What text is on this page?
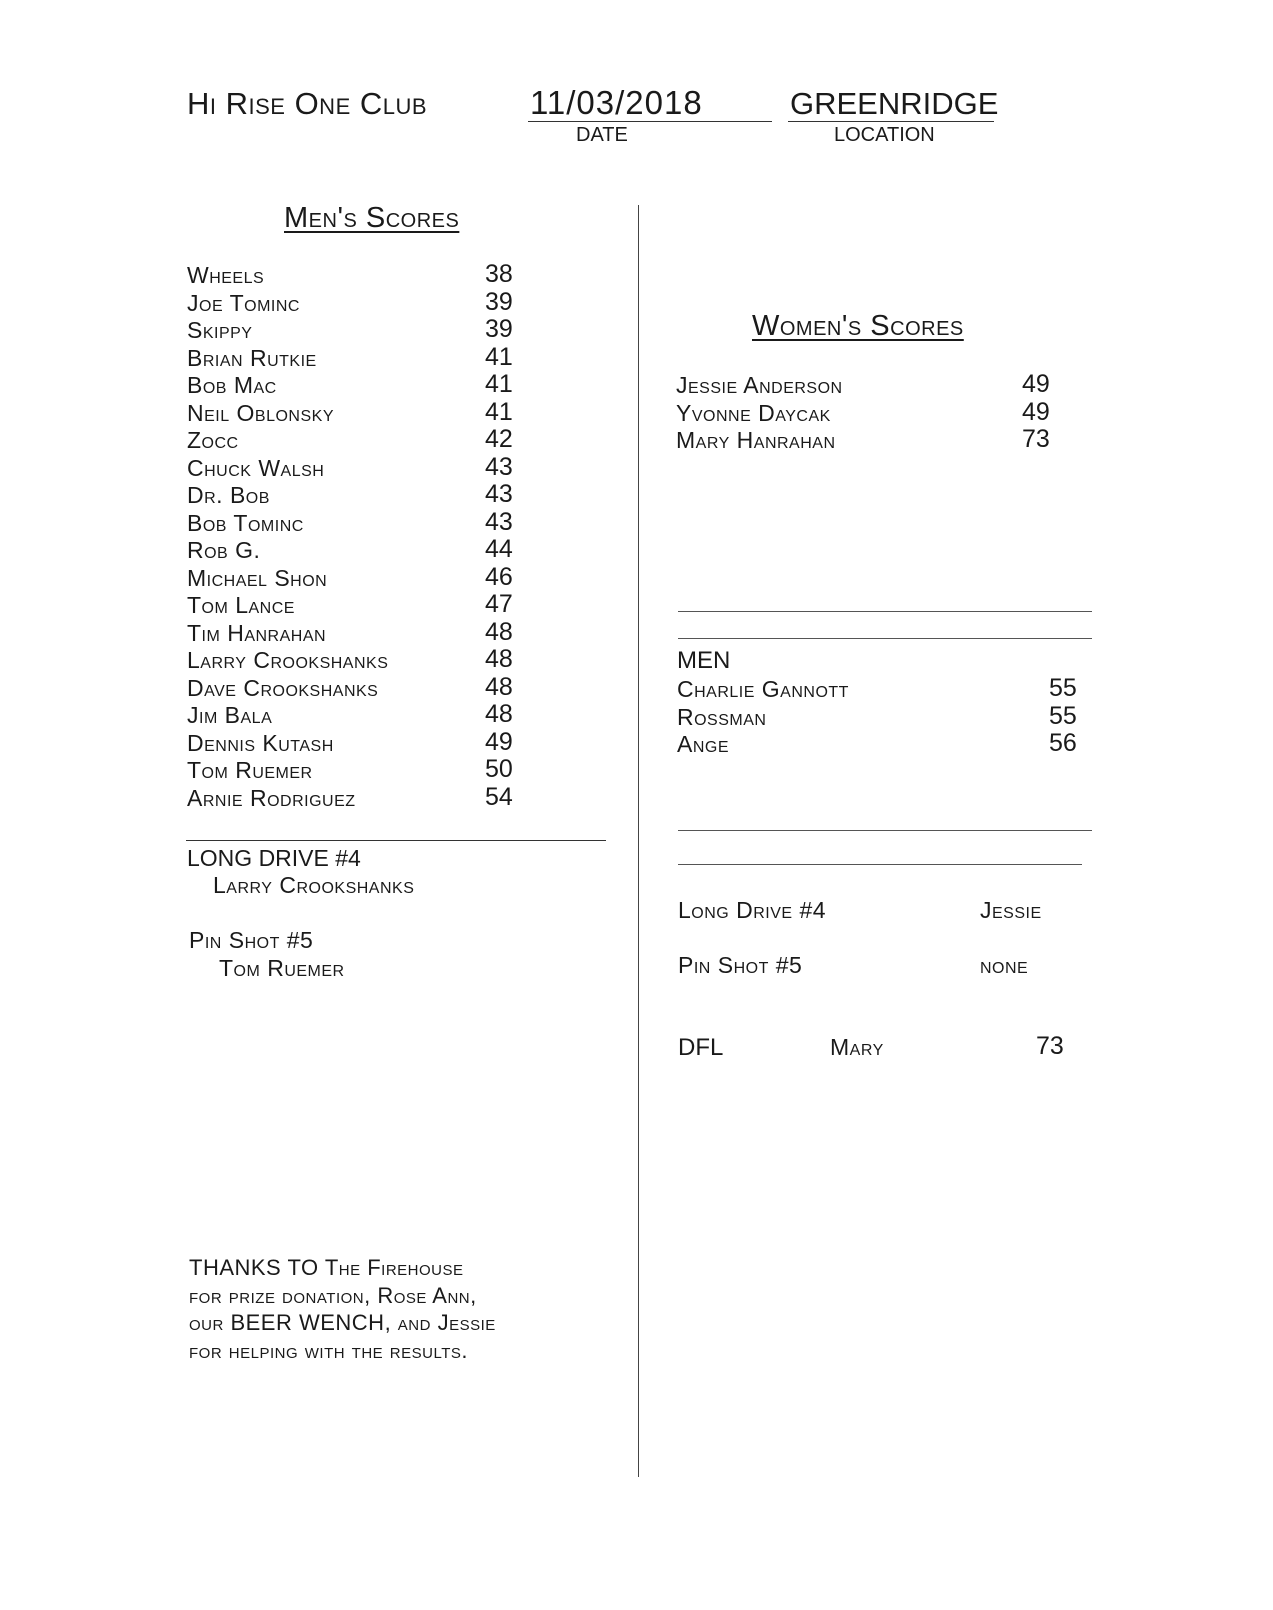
Hi Rise One Club	11/03/2018
DATE
GREENRIDGE
LOCATION
Men's Scores
Wheels	38
Joe Tominc	39
Skippy	39
Brian Rutkie	41
Bob Mac	41
Neil Oblonsky	41
Zocc	42
Chuck Walsh	43
Dr. Bob	43
Bob Tominc	43
Rob G.	44
Michael Shon	46
Tom Lance	47
Tim Hanrahan	48
Larry Crookshanks	48
Dave Crookshanks	48
Jim Bala	48
Dennis Kutash	49
Tom Ruemer	50
Arnie Rodriguez	54
LONG DRIVE #4
Larry Crookshanks
Pin Shot #5
Tom Ruemer
Women's Scores
Jessie Anderson	49
Yvonne Daycak	49
Mary Hanrahan	73
MEN
Charlie Gannott	55
Rossman	55
Ange	56
Long Drive #4	Jessie
Pin Shot #5	none
DFL	Mary	73
THANKS TO The Firehouse
for prize donation, Rose Ann,
our BEER WENCH, and Jessie
for helping with the results.
